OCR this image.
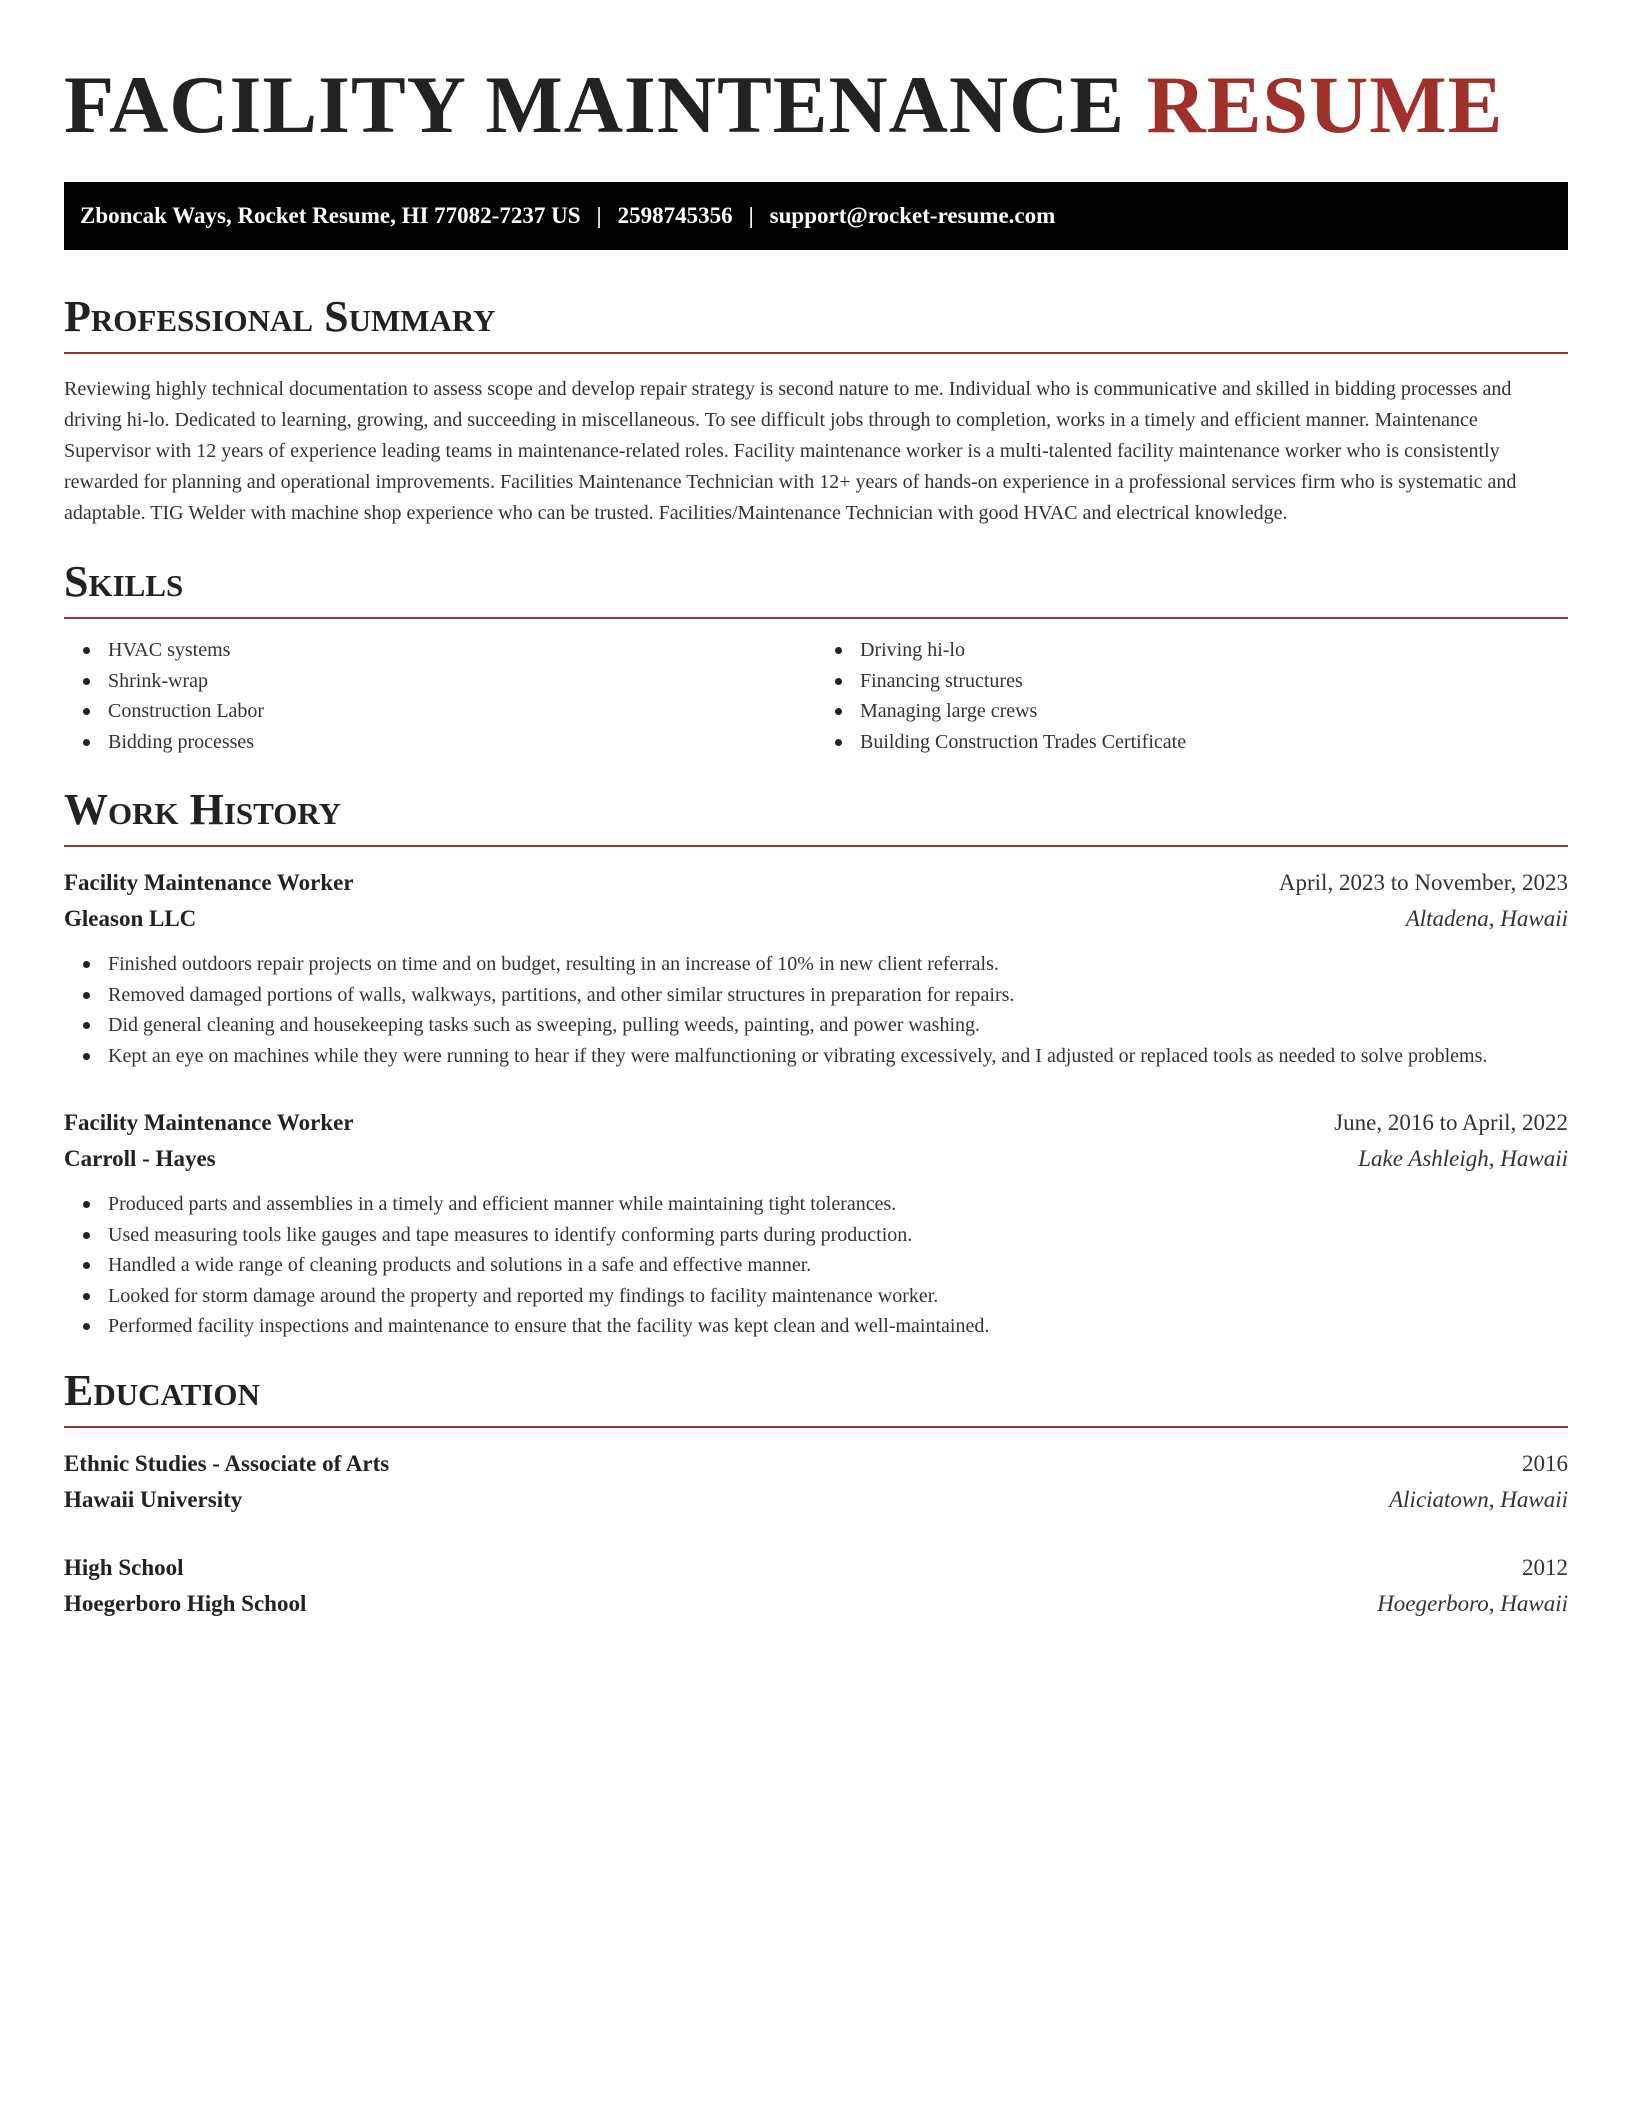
FACILITY MAINTENANCE RESUME
Zboncak Ways, Rocket Resume, HI 77082-7237 US | 2598745356 | support@rocket-resume.com
Professional Summary

Reviewing highly technical documentation to assess scope and develop repair strategy is second nature to me. Individual who is communicative and skilled in bidding processes and driving hi-lo. Dedicated to learning, growing, and succeeding in miscellaneous. To see difficult jobs through to completion, works in a timely and efficient manner. Maintenance Supervisor with 12 years of experience leading teams in maintenance-related roles. Facility maintenance worker is a multi-talented facility maintenance worker who is consistently rewarded for planning and operational improvements. Facilities Maintenance Technician with 12+ years of hands-on experience in a professional services firm who is systematic and adaptable. TIG Welder with machine shop experience who can be trusted. Facilities/Maintenance Technician with good HVAC and electrical knowledge.

Skills
HVAC systems
Shrink-wrap
Construction Labor
Bidding processes
Driving hi-lo
Financing structures
Managing large crews
Building Construction Trades Certificate
Work History
Facility Maintenance Worker	April, 2023 to November, 2023
Gleason LLC	Altadena, Hawaii
Finished outdoors repair projects on time and on budget, resulting in an increase of 10% in new client referrals.
Removed damaged portions of walls, walkways, partitions, and other similar structures in preparation for repairs.
Did general cleaning and housekeeping tasks such as sweeping, pulling weeds, painting, and power washing.
Kept an eye on machines while they were running to hear if they were malfunctioning or vibrating excessively, and I adjusted or replaced tools as needed to solve problems.
Facility Maintenance Worker	June, 2016 to April, 2022
Carroll - Hayes	Lake Ashleigh, Hawaii
Produced parts and assemblies in a timely and efficient manner while maintaining tight tolerances.
Used measuring tools like gauges and tape measures to identify conforming parts during production.
Handled a wide range of cleaning products and solutions in a safe and effective manner.
Looked for storm damage around the property and reported my findings to facility maintenance worker.
Performed facility inspections and maintenance to ensure that the facility was kept clean and well-maintained.
Education
Ethnic Studies - Associate of Arts	2016
Hawaii University	Aliciatown, Hawaii
High School	2012
Hoegerboro High School	Hoegerboro, Hawaii
